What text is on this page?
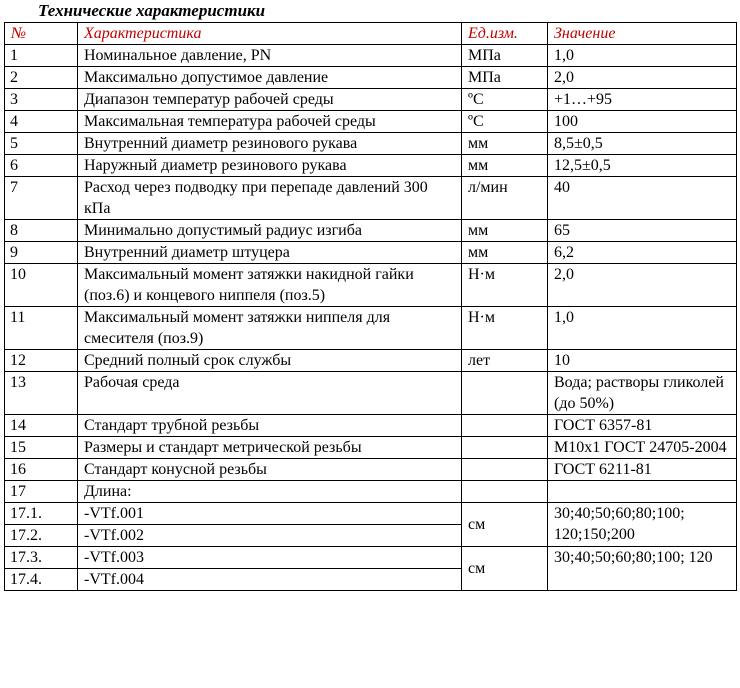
Технические характеристики
№	Характеристика	Ед.изм.	Значение
1	Номинальное давление, PN	МПа	1,0
2	Максимально допустимое давление	МПа	2,0
3	Диапазон температур рабочей среды	ºC	+1…+95
4	Максимальная температура рабочей среды	ºC	100
5	Внутренний диаметр резинового рукава	мм	8,5±0,5
6	Наружный диаметр резинового рукава	мм	12,5±0,5
7	Расход через подводку при перепаде давлений 300 кПа	л/мин	40
8	Минимально допустимый радиус изгиба	мм	65
9	Внутренний диаметр штуцера	мм	6,2
10	Максимальный момент затяжки накидной гайки (поз.6) и концевого ниппеля (поз.5)	Н·м	2,0
11	Максимальный момент затяжки ниппеля для смесителя (поз.9)	Н·м	1,0
12	Средний полный срок службы	лет	10
13	Рабочая среда		Вода; растворы гликолей (до 50%)
14	Стандарт трубной резьбы		ГОСТ 6357-81
15	Размеры и стандарт метрической резьбы		М10х1 ГОСТ 24705-2004
16	Стандарт конусной резьбы		ГОСТ 6211-81
17	Длина:		
17.1.	-VTf.001	см	30;40;50;60;80;100; 120;150;200
17.2.	-VTf.002		
17.3.	-VTf.003	см	30;40;50;60;80;100; 120
17.4.	-VTf.004		
